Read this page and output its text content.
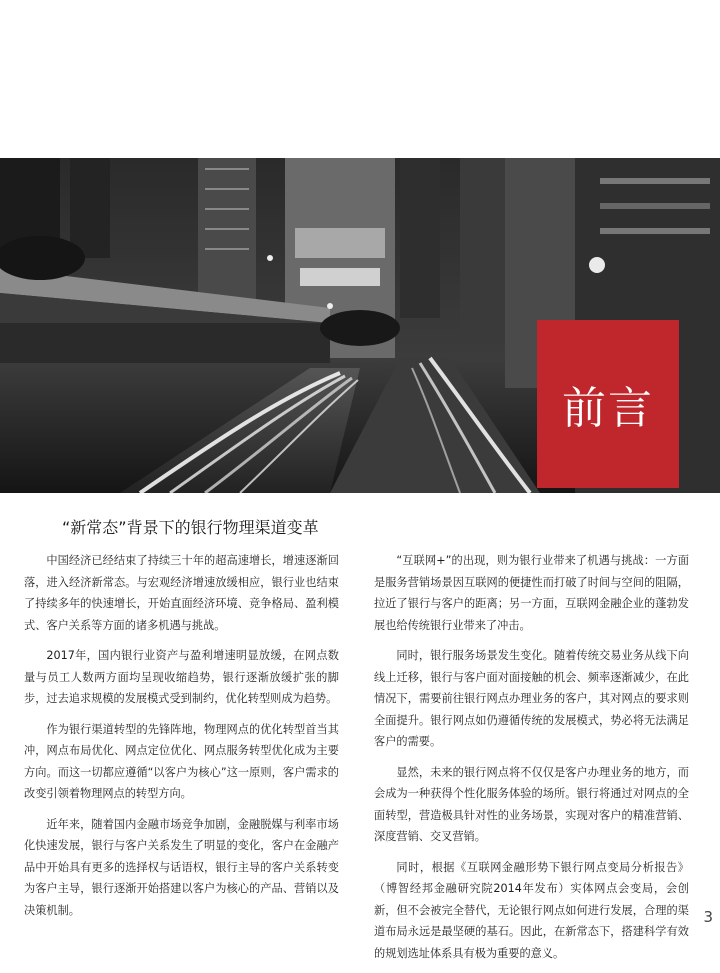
前言
“新常态”背景下的银行物理渠道变革

中国经济已经结束了持续三十年的超高速增长，增速逐渐回落，进入经济新常态。与宏观经济增速放缓相应，银行业也结束了持续多年的快速增长，开始直面经济环境、竞争格局、盈利模式、客户关系等方面的诸多机遇与挑战。

2017年，国内银行业资产与盈利增速明显放缓，在网点数量与员工人数两方面均呈现收缩趋势，银行逐渐放缓扩张的脚步，过去追求规模的发展模式受到制约，优化转型则成为趋势。

作为银行渠道转型的先锋阵地，物理网点的优化转型首当其冲，网点布局优化、网点定位优化、网点服务转型优化成为主要方向。而这一切都应遵循“以客户为核心”这一原则，客户需求的改变引领着物理网点的转型方向。

近年来，随着国内金融市场竞争加剧，金融脱媒与利率市场化快速发展，银行与客户关系发生了明显的变化，客户在金融产品中开始具有更多的选择权与话语权，银行主导的客户关系转变为客户主导，银行逐渐开始搭建以客户为核心的产品、营销以及决策机制。

“互联网+”的出现，则为银行业带来了机遇与挑战：一方面是服务营销场景因互联网的便捷性而打破了时间与空间的阻隔，拉近了银行与客户的距离；另一方面，互联网金融企业的蓬勃发展也给传统银行业带来了冲击。

同时，银行服务场景发生变化。随着传统交易业务从线下向线上迁移，银行与客户面对面接触的机会、频率逐渐减少，在此情况下，需要前往银行网点办理业务的客户，其对网点的要求则全面提升。银行网点如仍遵循传统的发展模式，势必将无法满足客户的需要。

显然，未来的银行网点将不仅仅是客户办理业务的地方，而会成为一种获得个性化服务体验的场所。银行将通过对网点的全面转型，营造极具针对性的业务场景，实现对客户的精准营销、深度营销、交叉营销。

同时，根据《互联网金融形势下银行网点变局分析报告》（博智经邦金融研究院2014年发布）实体网点会变局，会创新，但不会被完全替代，无论银行网点如何进行发展，合理的渠道布局永远是最坚硬的基石。因此，在新常态下，搭建科学有效的规划选址体系具有极为重要的意义。

3
